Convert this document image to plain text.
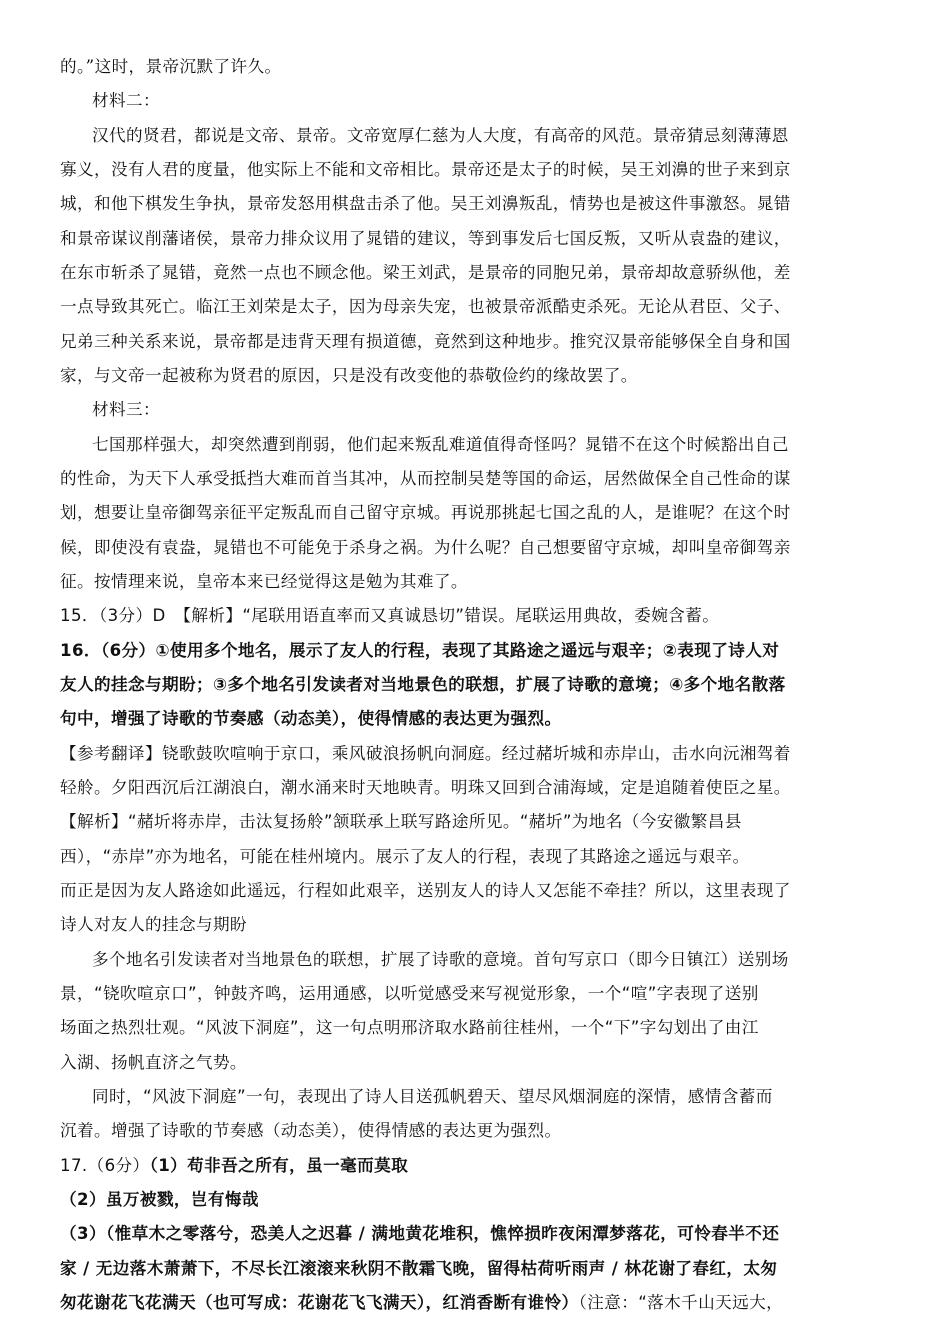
的。”这时，景帝沉默了许久。
材料二：
汉代的贤君，都说是文帝、景帝。文帝宽厚仁慈为人大度，有高帝的风范。景帝猜忌刻薄薄恩
寡义，没有人君的度量，他实际上不能和文帝相比。景帝还是太子的时候，吴王刘濞的世子来到京
城，和他下棋发生争执，景帝发怒用棋盘击杀了他。吴王刘濞叛乱，情势也是被这件事激怒。晁错
和景帝谋议削藩诸侯，景帝力排众议用了晁错的建议，等到事发后七国反叛，又听从袁盎的建议，
在东市斩杀了晁错，竟然一点也不顾念他。梁王刘武，是景帝的同胞兄弟，景帝却故意骄纵他，差
一点导致其死亡。临江王刘荣是太子，因为母亲失宠，也被景帝派酷吏杀死。无论从君臣、父子、
兄弟三种关系来说，景帝都是违背天理有损道德，竟然到这种地步。推究汉景帝能够保全自身和国
家，与文帝一起被称为贤君的原因，只是没有改变他的恭敬俭约的缘故罢了。
材料三：
七国那样强大，却突然遭到削弱，他们起来叛乱难道值得奇怪吗？晁错不在这个时候豁出自己
的性命，为天下人承受抵挡大难而首当其冲，从而控制吴楚等国的命运，居然做保全自己性命的谋
划，想要让皇帝御驾亲征平定叛乱而自己留守京城。再说那挑起七国之乱的人，是谁呢？在这个时
候，即使没有袁盎，晁错也不可能免于杀身之祸。为什么呢？自己想要留守京城，却叫皇帝御驾亲
征。按情理来说，皇帝本来已经觉得这是勉为其难了。
15．（3分）D　【解析】“尾联用语直率而又真诚恳切”错误。尾联运用典故，委婉含蓄。
16．（6分）①使用多个地名，展示了友人的行程，表现了其路途之遥远与艰辛；②表现了诗人对
友人的挂念与期盼；③多个地名引发读者对当地景色的联想，扩展了诗歌的意境；④多个地名散落
句中，增强了诗歌的节奏感（动态美），使得情感的表达更为强烈。
【参考翻译】铙歌鼓吹喧响于京口，乘风破浪扬帆向洞庭。经过赭圻城和赤岸山，击水向沅湘驾着
轻舲。夕阳西沉后江湖浪白，潮水涌来时天地映青。明珠又回到合浦海域，定是追随着使臣之星。
【解析】“赭圻将赤岸，击汰复扬舲”颔联承上联写路途所见。“赭圻”为地名（今安徽繁昌县
西），“赤岸”亦为地名，可能在桂州境内。展示了友人的行程，表现了其路途之遥远与艰辛。
而正是因为友人路途如此遥远，行程如此艰辛，送别友人的诗人又怎能不牵挂？所以，这里表现了
诗人对友人的挂念与期盼
多个地名引发读者对当地景色的联想，扩展了诗歌的意境。首句写京口（即今日镇江）送别场
景，“铙吹喧京口”，钟鼓齐鸣，运用通感，以听觉感受来写视觉形象，一个“喧”字表现了送别
场面之热烈壮观。“风波下洞庭”，这一句点明邢济取水路前往桂州，一个“下”字勾划出了由江
入湖、扬帆直济之气势。
同时，“风波下洞庭”一句，表现出了诗人目送孤帆碧天、望尽风烟洞庭的深情，感情含蓄而
沉着。增强了诗歌的节奏感（动态美），使得情感的表达更为强烈。
17.（6分）（1）苟非吾之所有，虽一毫而莫取
（2）虽万被戮，岂有悔哉
（3）（惟草木之零落兮，恐美人之迟暮 / 满地黄花堆积，憔悴损昨夜闲潭梦落花，可怜春半不还
家 / 无边落木萧萧下，不尽长江滚滚来秋阴不散霜飞晚，留得枯荷听雨声 / 林花谢了春红，太匆
匆花谢花飞花满天（也可写成：花谢花飞飞满天），红消香断有谁怜）（注意：“落木千山天远大，
